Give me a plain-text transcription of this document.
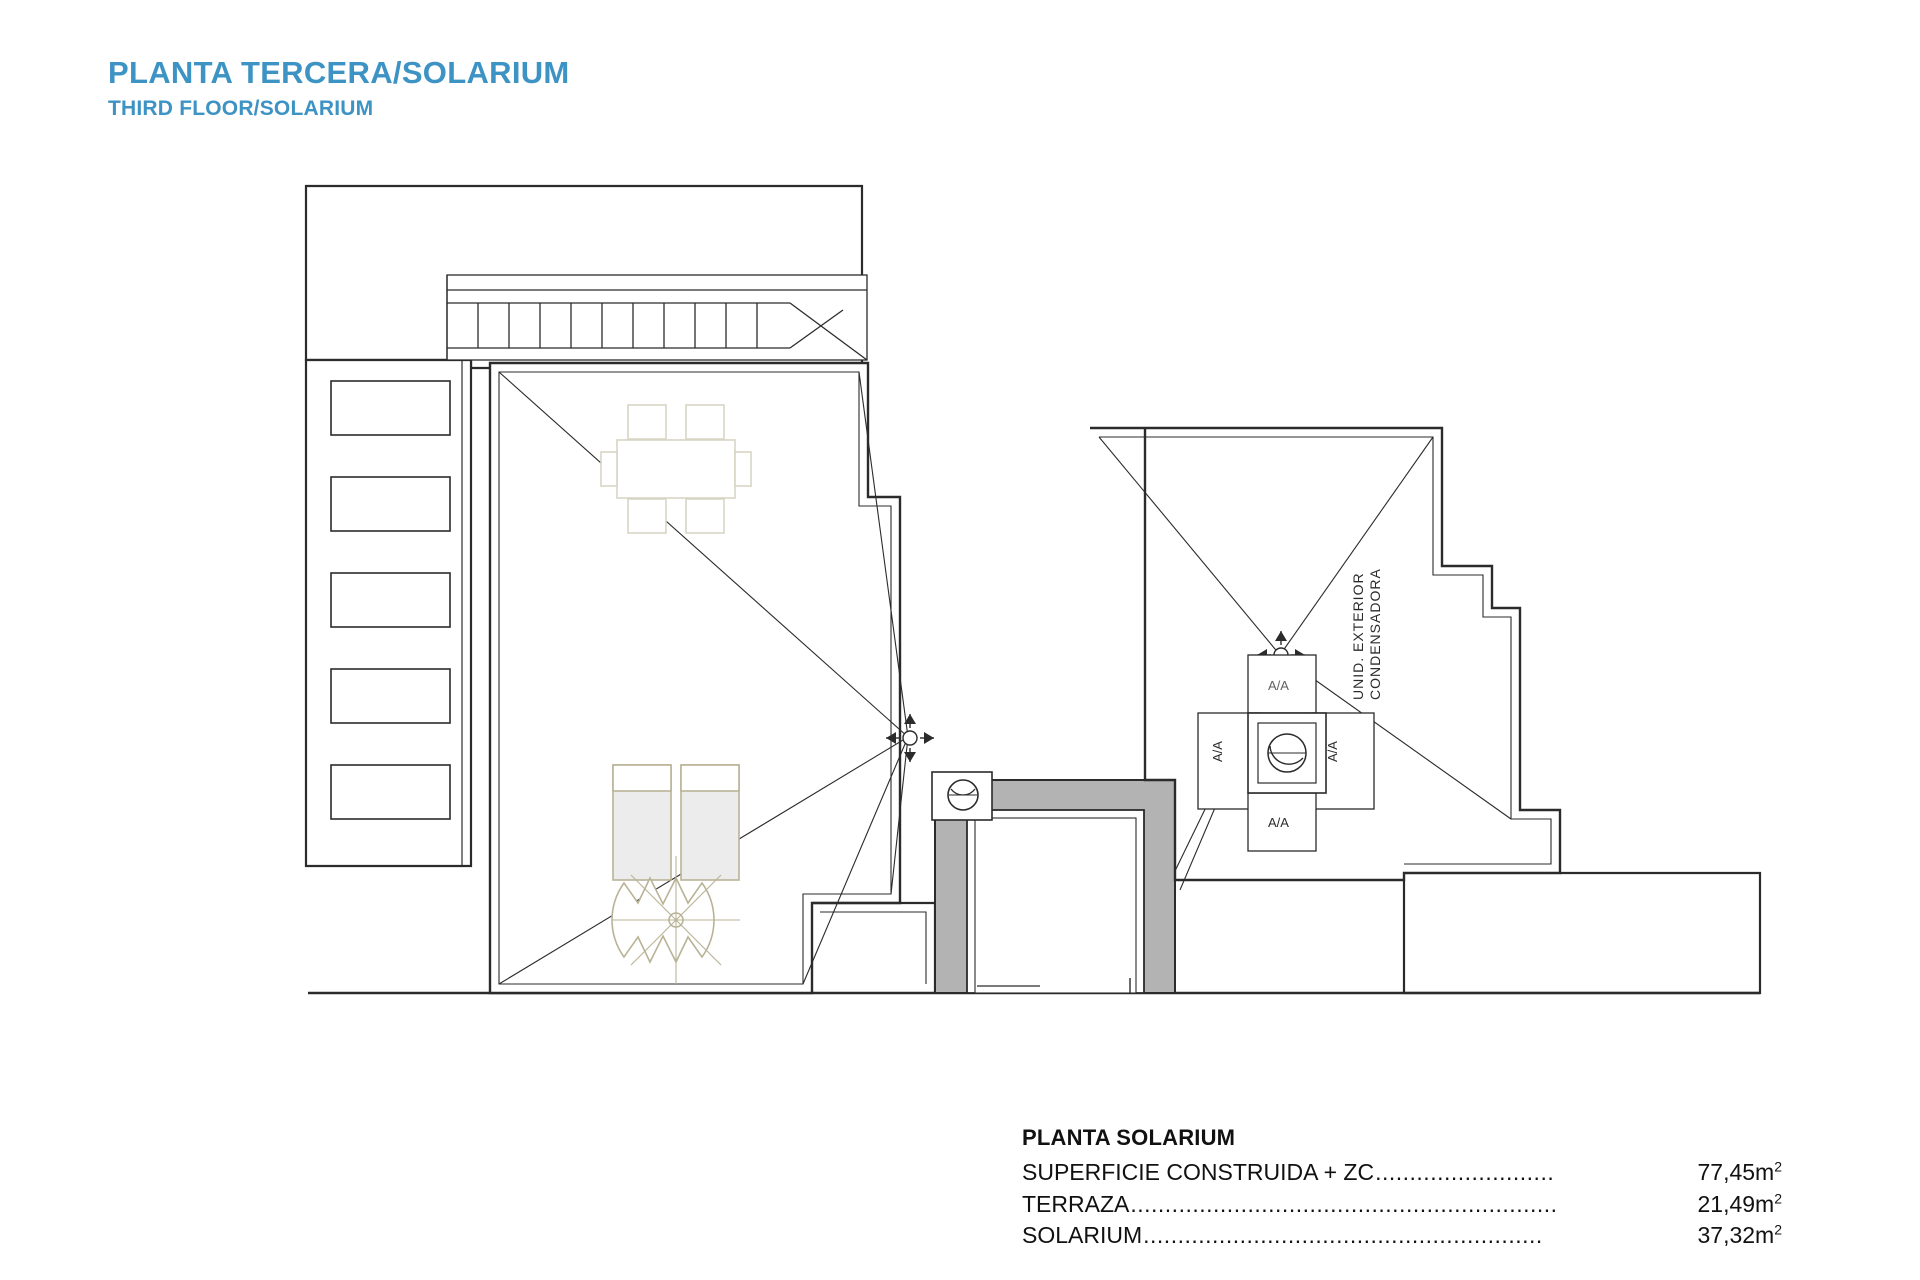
PLANTA TERCERA/SOLARIUM
THIRD FLOOR/SOLARIUM
UNID. EXTERIOR CONDENSADORA
A/A	A/A
A/A
A/A
PLANTA SOLARIUM
SUPERFICIE CONSTRUIDA + ZC ..........................	$77,45m^2$
TERRAZA ..............................................................	$21,49m^2$
SOLARIUM ..........................................................	$37,32m^2$
